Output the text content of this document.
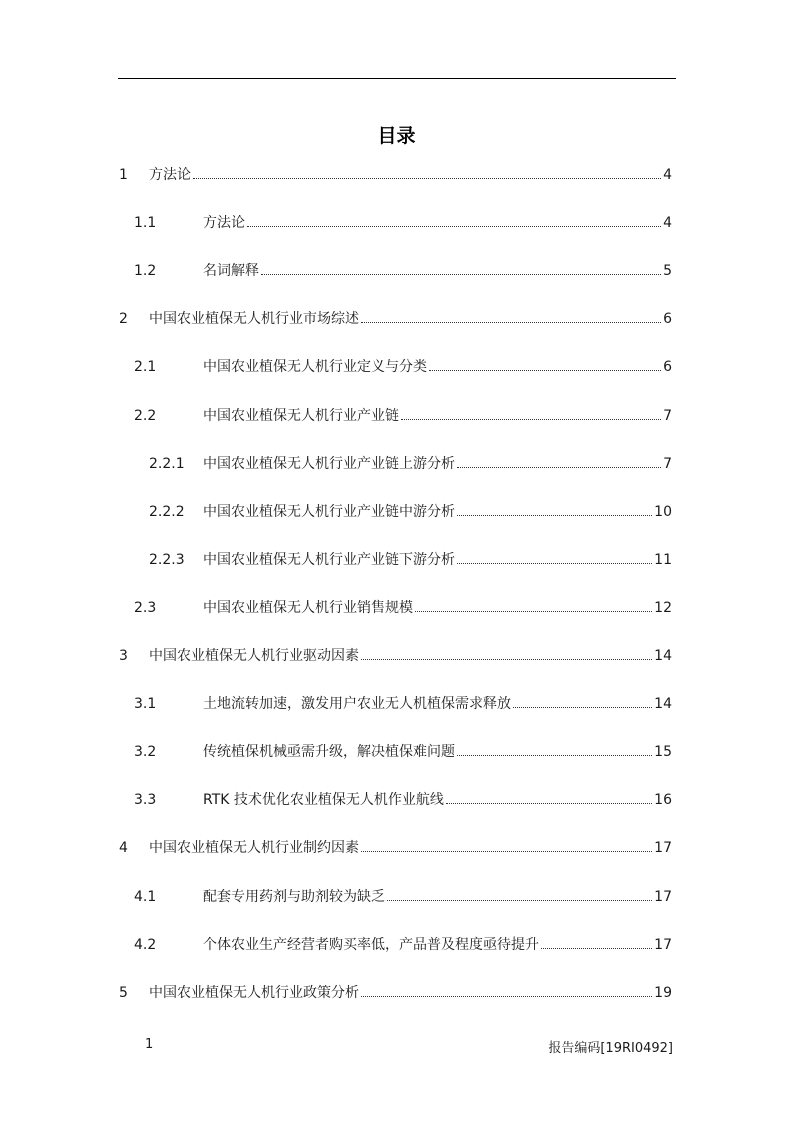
目录
1 方法论	4
1.1	方法论	4
1.2	名词解释	5
2 中国农业植保无人机行业市场综述	6
2.1	中国农业植保无人机行业定义与分类	6
2.2	中国农业植保无人机行业产业链	7
2.2.1 中国农业植保无人机行业产业链上游分析	7
2.2.2 中国农业植保无人机行业产业链中游分析	10
2.2.3 中国农业植保无人机行业产业链下游分析	11
2.3	中国农业植保无人机行业销售规模	12
3 中国农业植保无人机行业驱动因素	14
3.1	土地流转加速，激发用户农业无人机植保需求释放	14
3.2	传统植保机械亟需升级，解决植保难问题	15
3.3	RTK 技术优化农业植保无人机作业航线	16
4 中国农业植保无人机行业制约因素	17
4.1	配套专用药剂与助剂较为缺乏	17
4.2	个体农业生产经营者购买率低，产品普及程度亟待提升	17
5 中国农业植保无人机行业政策分析	19
1	报告编码[19RI0492]
